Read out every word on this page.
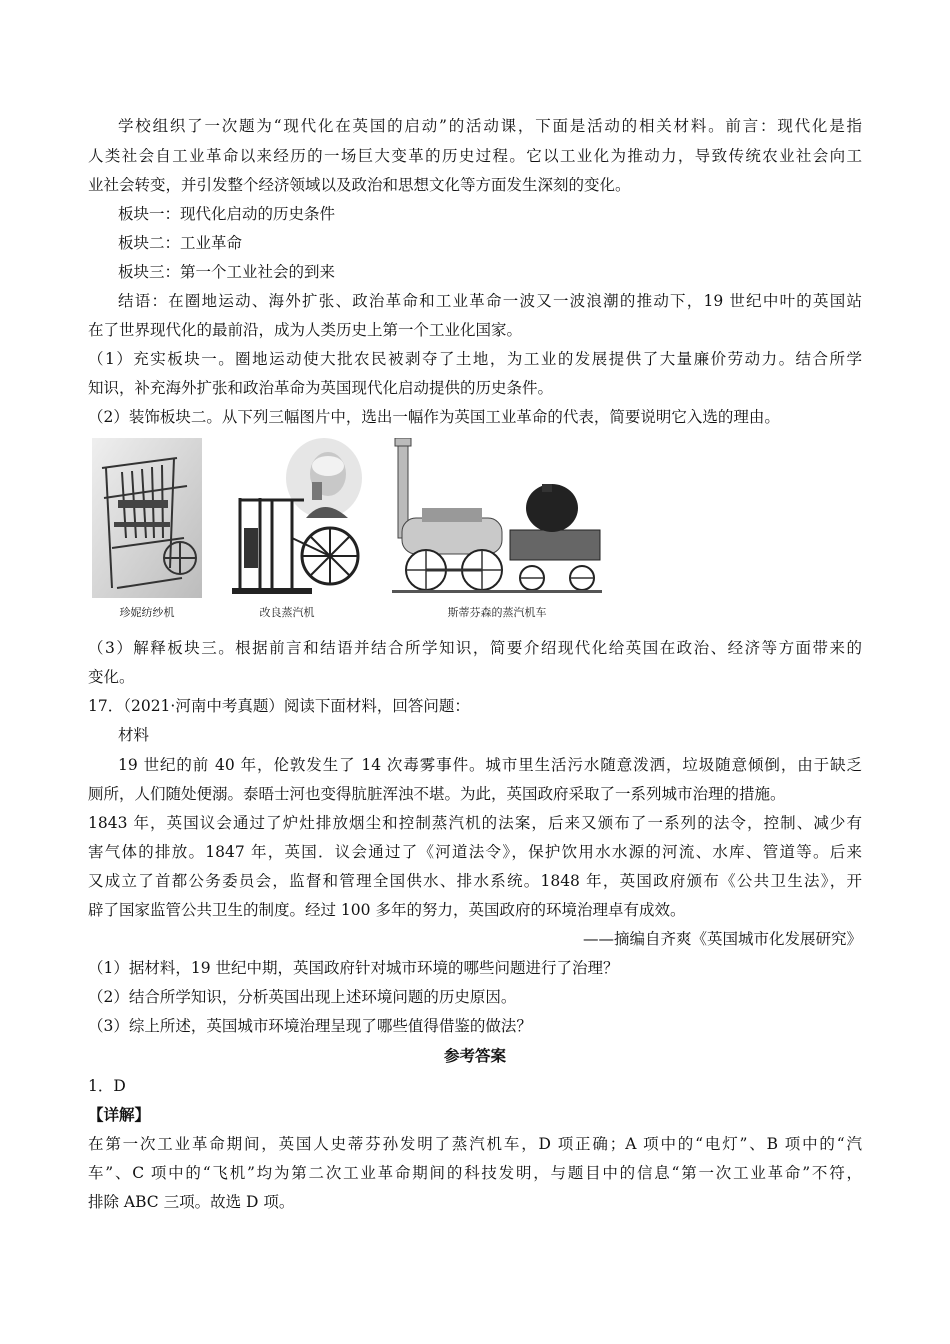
学校组织了一次题为“现代化在英国的启动”的活动课，下面是活动的相关材料。前言：现代化是指
人类社会自工业革命以来经历的一场巨大变革的历史过程。它以工业化为推动力，导致传统农业社会向工
业社会转变，并引发整个经济领域以及政治和思想文化等方面发生深刻的变化。
板块一：现代化启动的历史条件
板块二：工业革命
板块三：第一个工业社会的到来
结语：在圈地运动、海外扩张、政治革命和工业革命一波又一波浪潮的推动下，19 世纪中叶的英国站
在了世界现代化的最前沿，成为人类历史上第一个工业化国家。
（1）充实板块一。圈地运动使大批农民被剥夺了土地，为工业的发展提供了大量廉价劳动力。结合所学
知识，补充海外扩张和政治革命为英国现代化启动提供的历史条件。
（2）装饰板块二。从下列三幅图片中，选出一幅作为英国工业革命的代表，简要说明它入选的理由。
珍妮纺纱机	改良蒸汽机	斯蒂芬森的蒸汽机车
（3）解释板块三。根据前言和结语并结合所学知识，简要介绍现代化给英国在政治、经济等方面带来的
变化。
17．（2021·河南中考真题）阅读下面材料，回答问题：
材料
19 世纪的前 40 年，伦敦发生了 14 次毒雾事件。城市里生活污水随意泼洒，垃圾随意倾倒，由于缺乏
厕所，人们随处便溺。泰晤士河也变得肮脏浑浊不堪。为此，英国政府采取了一系列城市治理的措施。
1843 年，英国议会通过了炉灶排放烟尘和控制蒸汽机的法案，后来又颁布了一系列的法令，控制、减少有
害气体的排放。1847 年，英国．议会通过了《河道法令》，保护饮用水水源的河流、水库、管道等。后来
又成立了首都公务委员会，监督和管理全国供水、排水系统。1848 年，英国政府颁布《公共卫生法》，开
辟了国家监管公共卫生的制度。经过 100 多年的努力，英国政府的环境治理卓有成效。
——摘编自齐爽《英国城市化发展研究》
（1）据材料，19 世纪中期，英国政府针对城市环境的哪些问题进行了治理？
（2）结合所学知识，分析英国出现上述环境问题的历史原因。
（3）综上所述，英国城市环境治理呈现了哪些值得借鉴的做法？
参考答案
1．D
【详解】
在第一次工业革命期间，英国人史蒂芬孙发明了蒸汽机车，D 项正确；A 项中的“电灯”、B 项中的“汽
车”、C 项中的“飞机”均为第二次工业革命期间的科技发明，与题目中的信息“第一次工业革命”不符，
排除 ABC 三项。故选 D 项。
